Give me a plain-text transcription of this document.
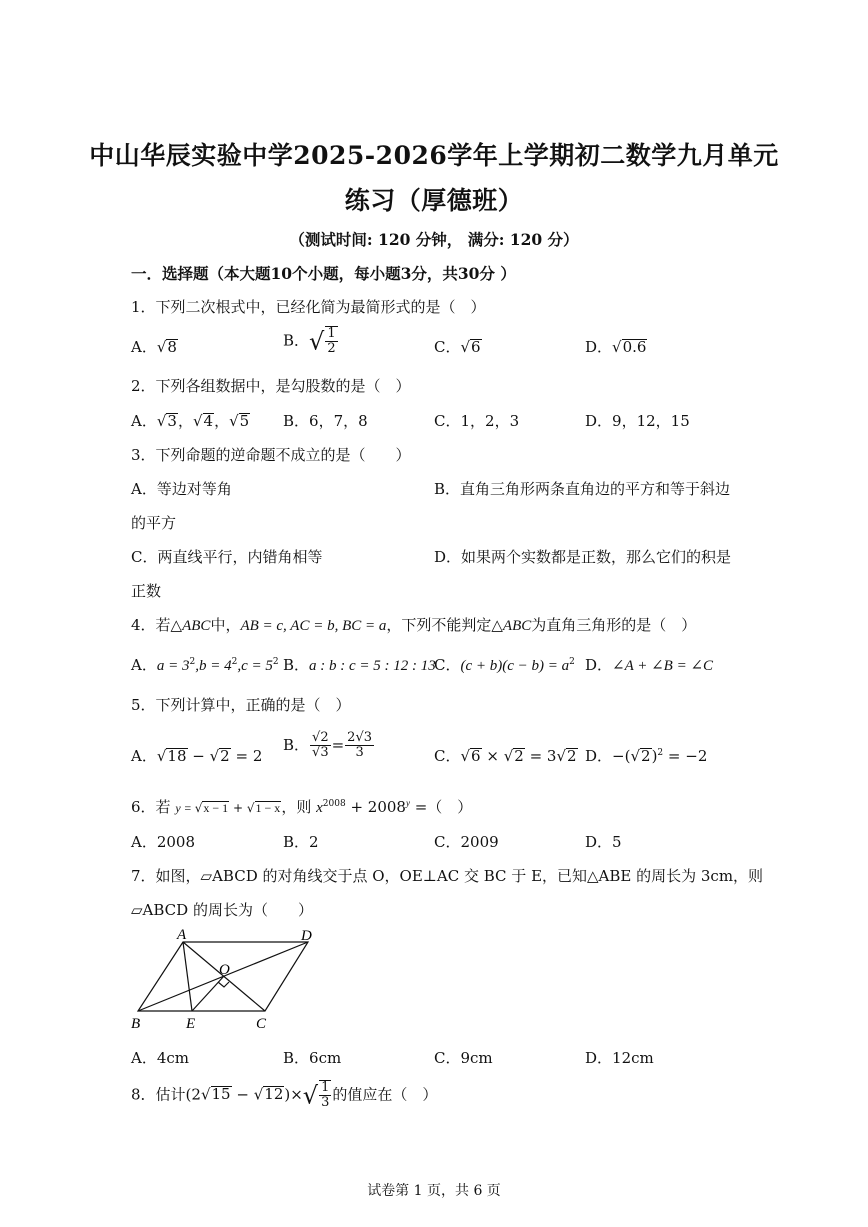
中山华辰实验中学2025-2026学年上学期初二数学九月单元
练习（厚德班）
（测试时间: 120 分钟， 满分: 120 分）
一．选择题（本大题10个小题，每小题3分，共30分 ）
1．下列二次根式中，已经化简为最简形式的是（　）
A．√8	B．√ $\frac{1}{2}$	C．√6	D．√0.6
2．下列各组数据中，是勾股数的是（　）
A．√3，√4，√5 B．6，7，8	C．1，2，3	D．9，12，15
3．下列命题的逆命题不成立的是（　　）
A．等边对等角	B．直角三角形两条直角边的平方和等于斜边
的平方
C．两直线平行，内错角相等	D．如果两个实数都是正数，那么它们的积是
正数
4．若△ABC中，AB = c, AC = b, BC = a，下列不能判定△ABC为直角三角形的是（　）
A．$a = 3^2,b = 4^2,c = 5^2$ B．a : b : c = 5 : 12 : 13
C．$(c + b)(c - b) = a^2$ D．∠A + ∠B = ∠C
5．下列计算中，正确的是（　）
A．√18 − √2 = 2
B． $\frac{√2}{√3} = \frac{2√3}{3}$	C．√6 × √2 = 3√2 D．$-(√2)^2 = -2$
6．若 y = √x − 1 + √1 − x，则 $x^{2008} + 2008^y$ =（　）
A．2008	B．2	C．2009	D．5
7．如图，▱ABCD 的对角线交于点 O，OE⊥AC 交 BC 于 E，已知△ABE 的周长为 3cm，则
▱ABCD 的周长为（　　）
A	D
O
B	E	C
A．4cm	B．6cm	C．9cm	D．12cm
8．估计$(2√15 - √12)\times√ \frac{1}{3}$ 的值应在（　）
试卷第 1 页，共 6 页
